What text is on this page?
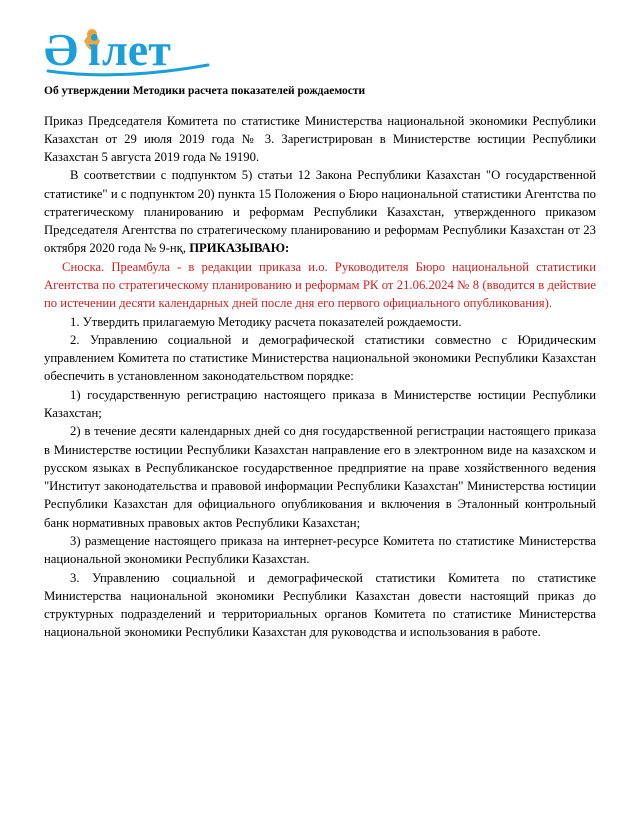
Ә і лет
Об утверждении Методики расчета показателей рождаемости

Приказ Председателя Комитета по статистике Министерства национальной экономики Республики Казахстан от 29 июля 2019 года № 3. Зарегистрирован в Министерстве юстиции Республики Казахстан 5 августа 2019 года № 19190.

В соответствии с подпунктом 5) статьи 12 Закона Республики Казахстан "О государственной статистике" и с подпунктом 20) пункта 15 Положения о Бюро национальной статистики Агентства по стратегическому планированию и реформам Республики Казахстан, утвержденного приказом Председателя Агентства по стратегическому планированию и реформам Республики Казахстан от 23 октября 2020 года № 9-нқ, ПРИКАЗЫВАЮ:

Сноска. Преамбула - в редакции приказа и.о. Руководителя Бюро национальной статистики Агентства по стратегическому планированию и реформам РК от 21.06.2024 № 8 (вводится в действие по истечении десяти календарных дней после дня его первого официального опубликования).

1. Утвердить прилагаемую Методику расчета показателей рождаемости.

2. Управлению социальной и демографической статистики совместно с Юридическим управлением Комитета по статистике Министерства национальной экономики Республики Казахстан обеспечить в установленном законодательством порядке:

1) государственную регистрацию настоящего приказа в Министерстве юстиции Республики Казахстан;

2) в течение десяти календарных дней со дня государственной регистрации настоящего приказа в Министерстве юстиции Республики Казахстан направление его в электронном виде на казахском и русском языках в Республиканское государственное предприятие на праве хозяйственного ведения "Институт законодательства и правовой информации Республики Казахстан" Министерства юстиции Республики Казахстан для официального опубликования и включения в Эталонный контрольный банк нормативных правовых актов Республики Казахстан;

3) размещение настоящего приказа на интернет-ресурсе Комитета по статистике Министерства национальной экономики Республики Казахстан.

3. Управлению социальной и демографической статистики Комитета по статистике Министерства национальной экономики Республики Казахстан довести настоящий приказ до структурных подразделений и территориальных органов Комитета по статистике Министерства национальной экономики Республики Казахстан для руководства и использования в работе.
